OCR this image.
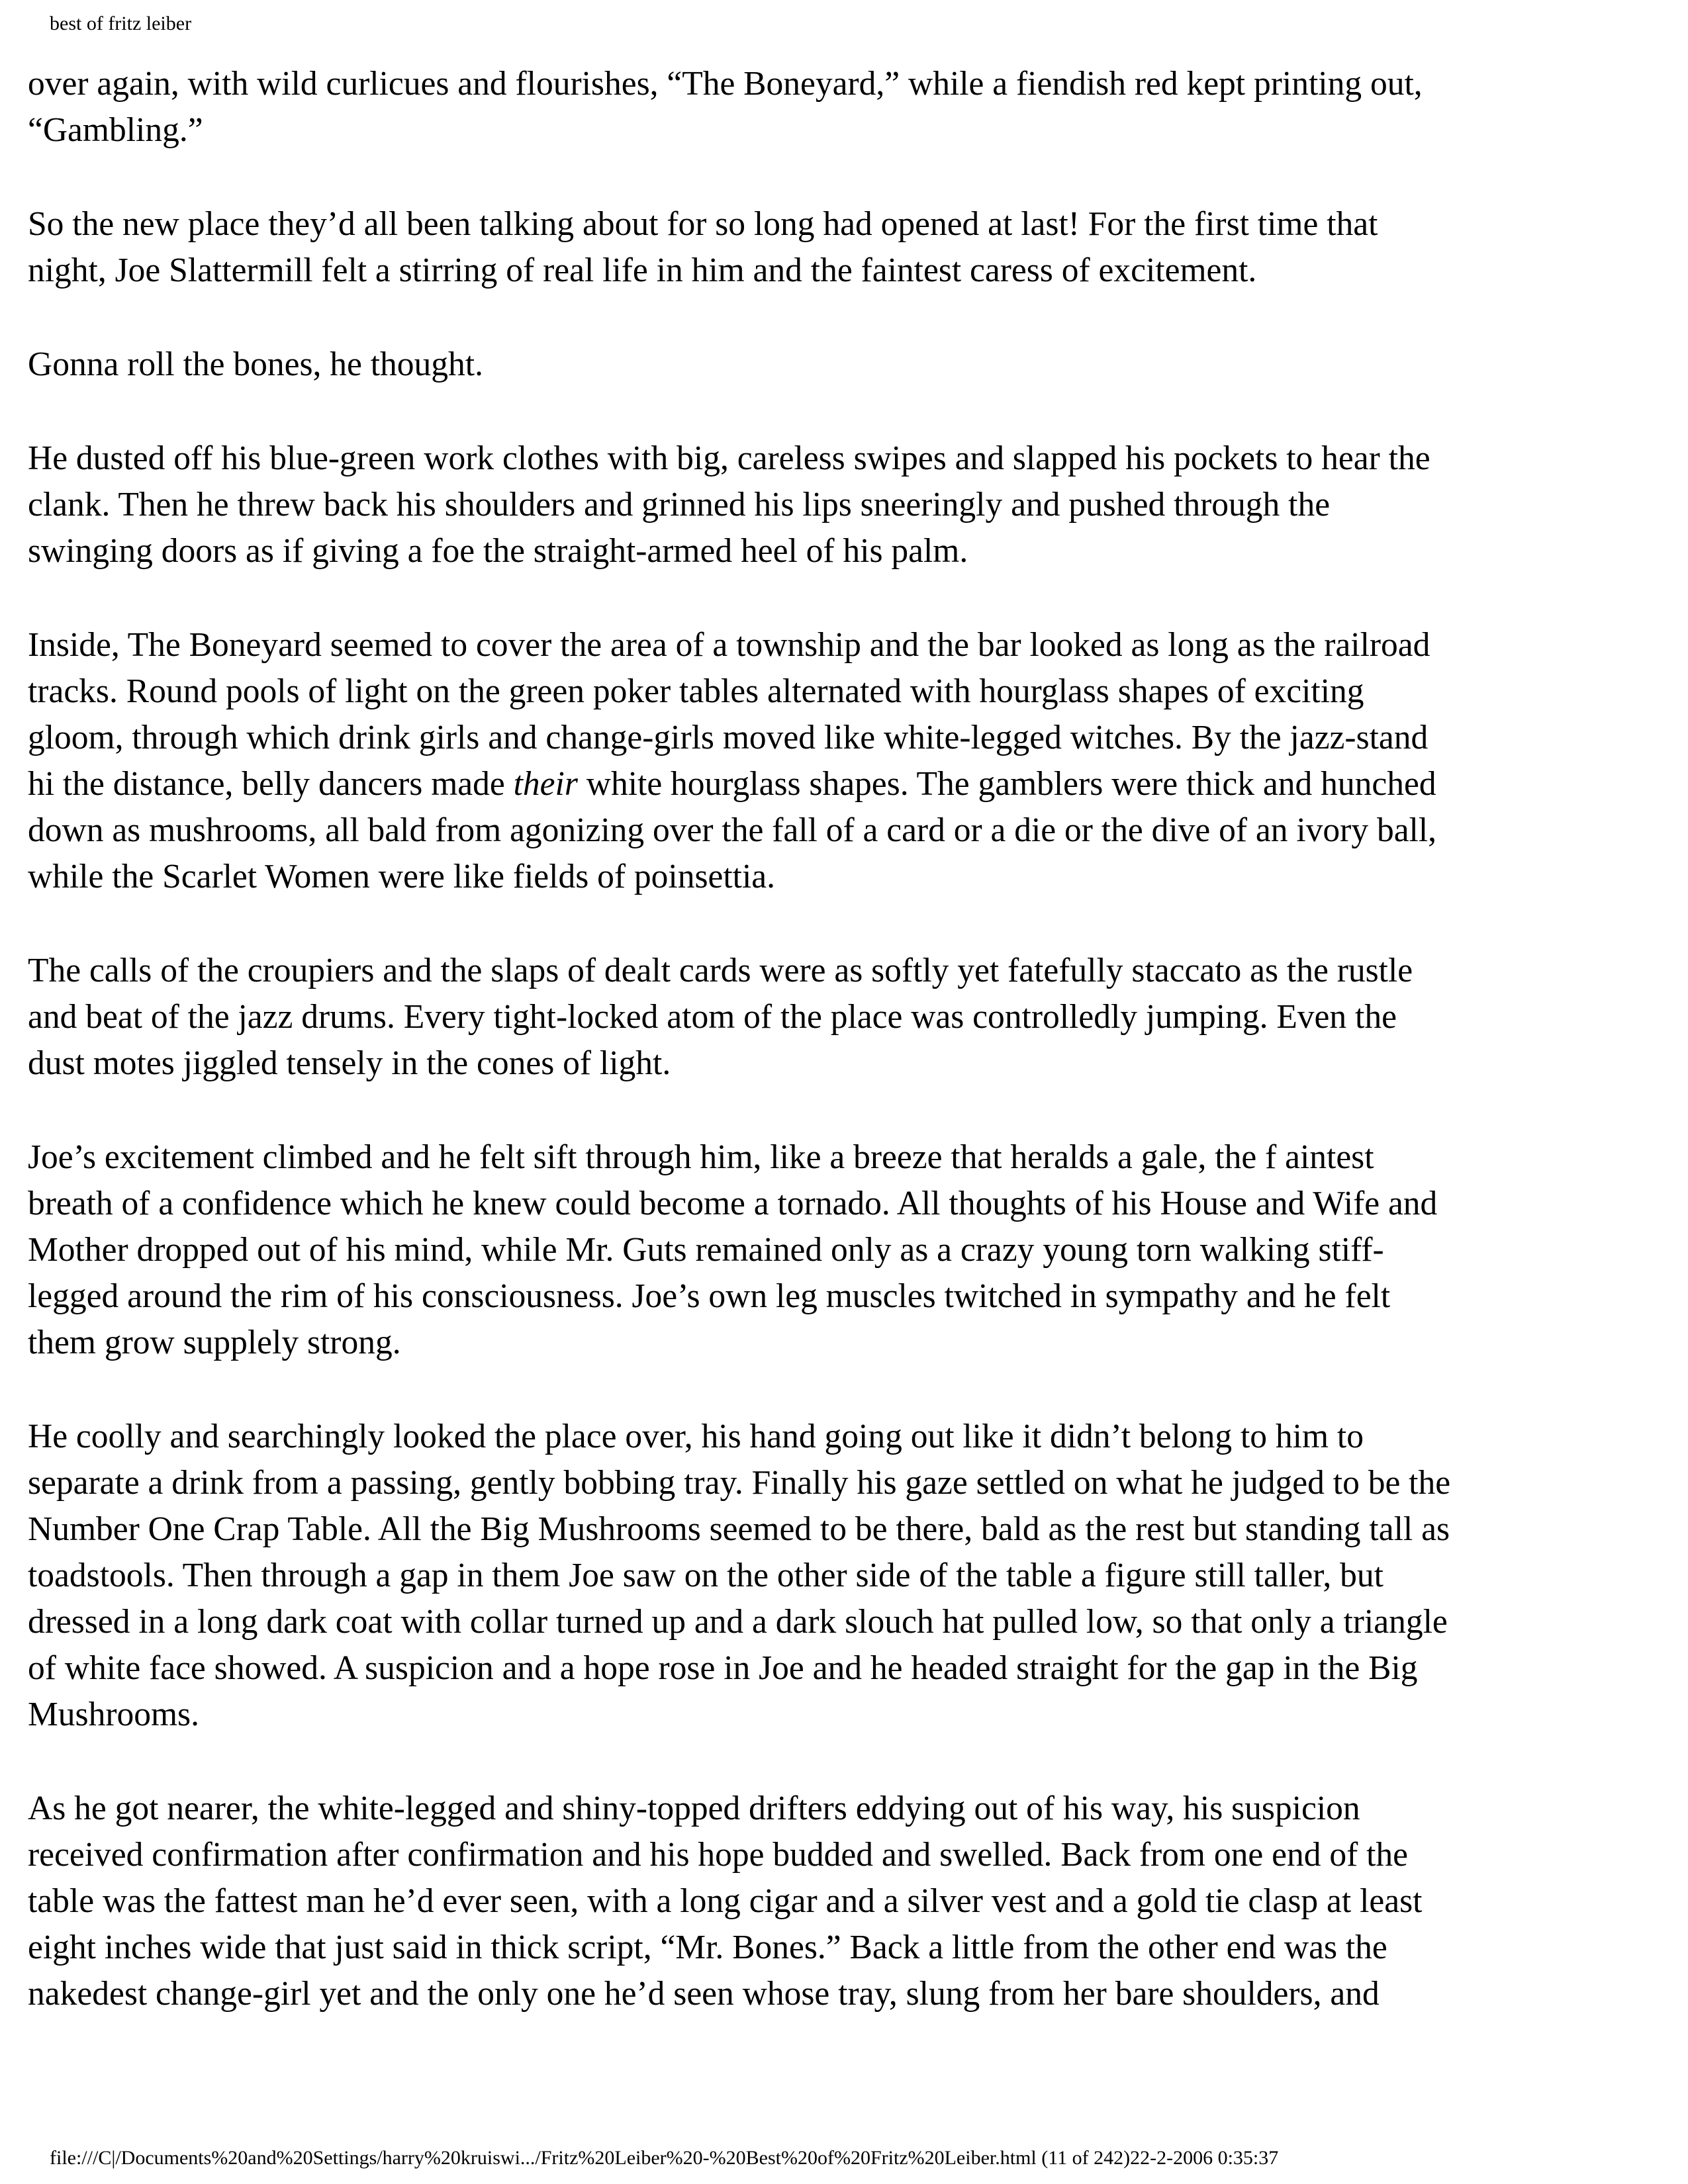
best of fritz leiber

over again, with wild curlicues and flourishes, “The Boneyard,” while a fiendish red kept printing out,
“Gambling.”

So the new place they’d all been talking about for so long had opened at last! For the first time that
night, Joe Slattermill felt a stirring of real life in him and the faintest caress of excitement.

Gonna roll the bones, he thought.

He dusted off his blue-green work clothes with big, careless swipes and slapped his pockets to hear the
clank. Then he threw back his shoulders and grinned his lips sneeringly and pushed through the
swinging doors as if giving a foe the straight-armed heel of his palm.

Inside, The Boneyard seemed to cover the area of a township and the bar looked as long as the railroad
tracks. Round pools of light on the green poker tables alternated with hourglass shapes of exciting
gloom, through which drink girls and change-girls moved like white-legged witches. By the jazz-stand
hi the distance, belly dancers made their white hourglass shapes. The gamblers were thick and hunched
down as mushrooms, all bald from agonizing over the fall of a card or a die or the dive of an ivory ball,
while the Scarlet Women were like fields of poinsettia.

The calls of the croupiers and the slaps of dealt cards were as softly yet fatefully staccato as the rustle
and beat of the jazz drums. Every tight-locked atom of the place was controlledly jumping. Even the
dust motes jiggled tensely in the cones of light.

Joe’s excitement climbed and he felt sift through him, like a breeze that heralds a gale, the f aintest
breath of a confidence which he knew could become a tornado. All thoughts of his House and Wife and
Mother dropped out of his mind, while Mr. Guts remained only as a crazy young torn walking stiff-
legged around the rim of his consciousness. Joe’s own leg muscles twitched in sympathy and he felt
them grow supplely strong.

He coolly and searchingly looked the place over, his hand going out like it didn’t belong to him to
separate a drink from a passing, gently bobbing tray. Finally his gaze settled on what he judged to be the
Number One Crap Table. All the Big Mushrooms seemed to be there, bald as the rest but standing tall as
toadstools. Then through a gap in them Joe saw on the other side of the table a figure still taller, but
dressed in a long dark coat with collar turned up and a dark slouch hat pulled low, so that only a triangle
of white face showed. A suspicion and a hope rose in Joe and he headed straight for the gap in the Big
Mushrooms.

As he got nearer, the white-legged and shiny-topped drifters eddying out of his way, his suspicion
received confirmation after confirmation and his hope budded and swelled. Back from one end of the
table was the fattest man he’d ever seen, with a long cigar and a silver vest and a gold tie clasp at least
eight inches wide that just said in thick script, “Mr. Bones.” Back a little from the other end was the
nakedest change-girl yet and the only one he’d seen whose tray, slung from her bare shoulders, and

file:///C|/Documents%20and%20Settings/harry%20kruiswi.../Fritz%20Leiber%20-%20Best%20of%20Fritz%20Leiber.html (11 of 242)22-2-2006 0:35:37
